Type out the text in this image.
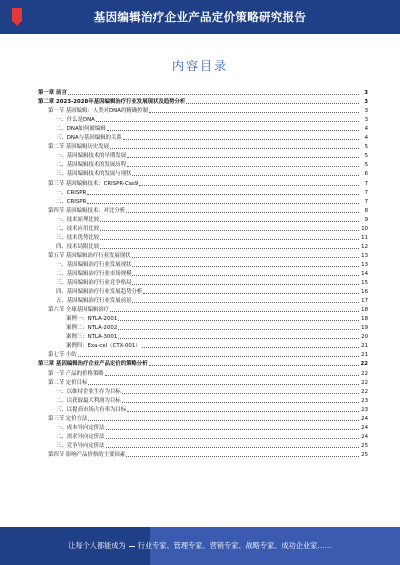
基因编辑治疗企业产品定价策略研究报告
内容目录
第一章 前言	3
第二章 2023-2028年基因编辑治疗行业发展现状及趋势分析	3
第一节 基因编辑：人类对DNA的精确控制	3
一、什么是DNA	3
二、DNA如何被编辑	4
三、DNA与基因编辑的关系	4
第二节 基因编辑历史发展	5
一、基因编辑技术的早期发展	5
二、基因编辑技术的发展历程	5
三、基因编辑技术的发展与现状	6
第三节 基因编辑技术：CRISPR-Cas9	7
一、CRISPR	7
二、CRISPR	7
第四节 基因编辑技术：对比分析	8
一、技术原理比较	9
二、技术应用比较	10
三、技术优势比较	11
四、技术局限比较	12
第五节 基因编辑治疗行业发展现状	13
一、基因编辑治疗行业发展现状	13
二、基因编辑治疗行业市场规模	14
三、基因编辑治疗行业竞争格局	15
四、基因编辑治疗行业发展趋势分析	16
五、基因编辑治疗行业发展前景	17
第六节 全球基因编辑治疗	18
案例一：NTLA-2001	18
案例二：NTLA-2002	19
案例三：NTLA-3001	20
案例四：Exa-cel（CTX-001）	21
第七节 小结	21
第三章 基因编辑治疗企业产品定价的策略分析	22
第一节 产品的价格策略	22
第二节 定价目标	22
一、以维持企业生存为目标	22
二、以获取最大利润为目标	23
三、以提高市场占有率为目标	23
第三节 定价方法	24
一、成本导向定价法	24
二、需求导向定价法	24
三、竞争导向定价法	25
第四节 影响产品价格的主要因素	25
让每个人都能成为 行业专家、管理专家、营销专家、战略专家、成功企业家……
